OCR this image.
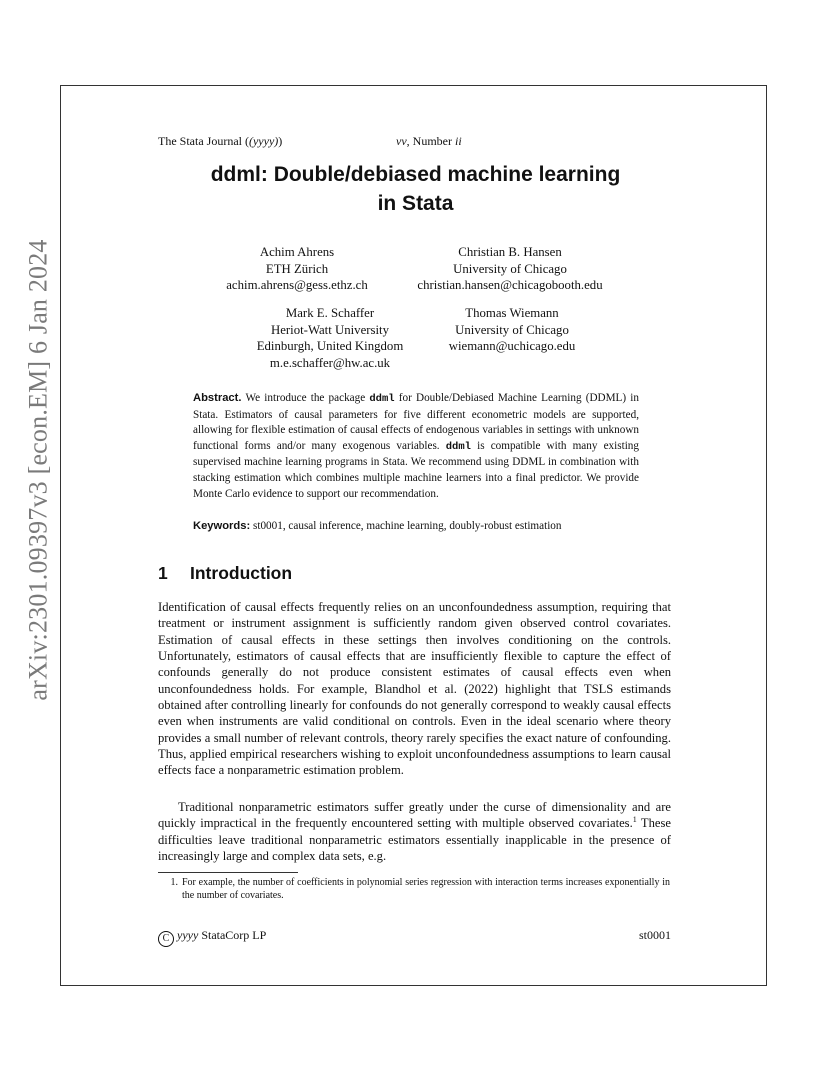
arXiv:2301.09397v3 [econ.EM] 6 Jan 2024
The Stata Journal ((yyyy))	vv, Number ii
ddml: Double/debiased machine learning
in Stata
Achim Ahrens
ETH Zürich
achim.ahrens@gess.ethz.ch
Christian B. Hansen
University of Chicago
christian.hansen@chicagobooth.edu
Mark E. Schaffer
Heriot-Watt University
Edinburgh, United Kingdom
m.e.schaffer@hw.ac.uk
Thomas Wiemann
University of Chicago
wiemann@uchicago.edu
Abstract. We introduce the package ddml for Double/Debiased Machine Learning (DDML) in Stata. Estimators of causal parameters for five different econometric models are supported, allowing for flexible estimation of causal effects of endogenous variables in settings with unknown functional forms and/or many exogenous variables. ddml is compatible with many existing supervised machine learning programs in Stata. We recommend using DDML in combination with stacking estimation which combines multiple machine learners into a final predictor. We provide Monte Carlo evidence to support our recommendation.
Keywords: st0001, causal inference, machine learning, doubly-robust estimation
1 Introduction

Identification of causal effects frequently relies on an unconfoundedness assumption, requiring that treatment or instrument assignment is sufficiently random given observed control covariates. Estimation of causal effects in these settings then involves conditioning on the controls. Unfortunately, estimators of causal effects that are insufficiently flexible to capture the effect of confounds generally do not produce consistent estimates of causal effects even when unconfoundedness holds. For example, Blandhol et al. (2022) highlight that TSLS estimands obtained after controlling linearly for confounds do not generally correspond to weakly causal effects even when instruments are valid conditional on controls. Even in the ideal scenario where theory provides a small number of relevant controls, theory rarely specifies the exact nature of confounding. Thus, applied empirical researchers wishing to exploit unconfoundedness assumptions to learn causal effects face a nonparametric estimation problem.

Traditional nonparametric estimators suffer greatly under the curse of dimensionality and are quickly impractical in the frequently encountered setting with multiple observed covariates.$^1$ These difficulties leave traditional nonparametric estimators essentially inapplicable in the presence of increasingly large and complex data sets, e.g.

1. For example, the number of coefficients in polynomial series regression with interaction terms increases exponentially in the number of covariates.
C yyyy StataCorp LP	st0001
